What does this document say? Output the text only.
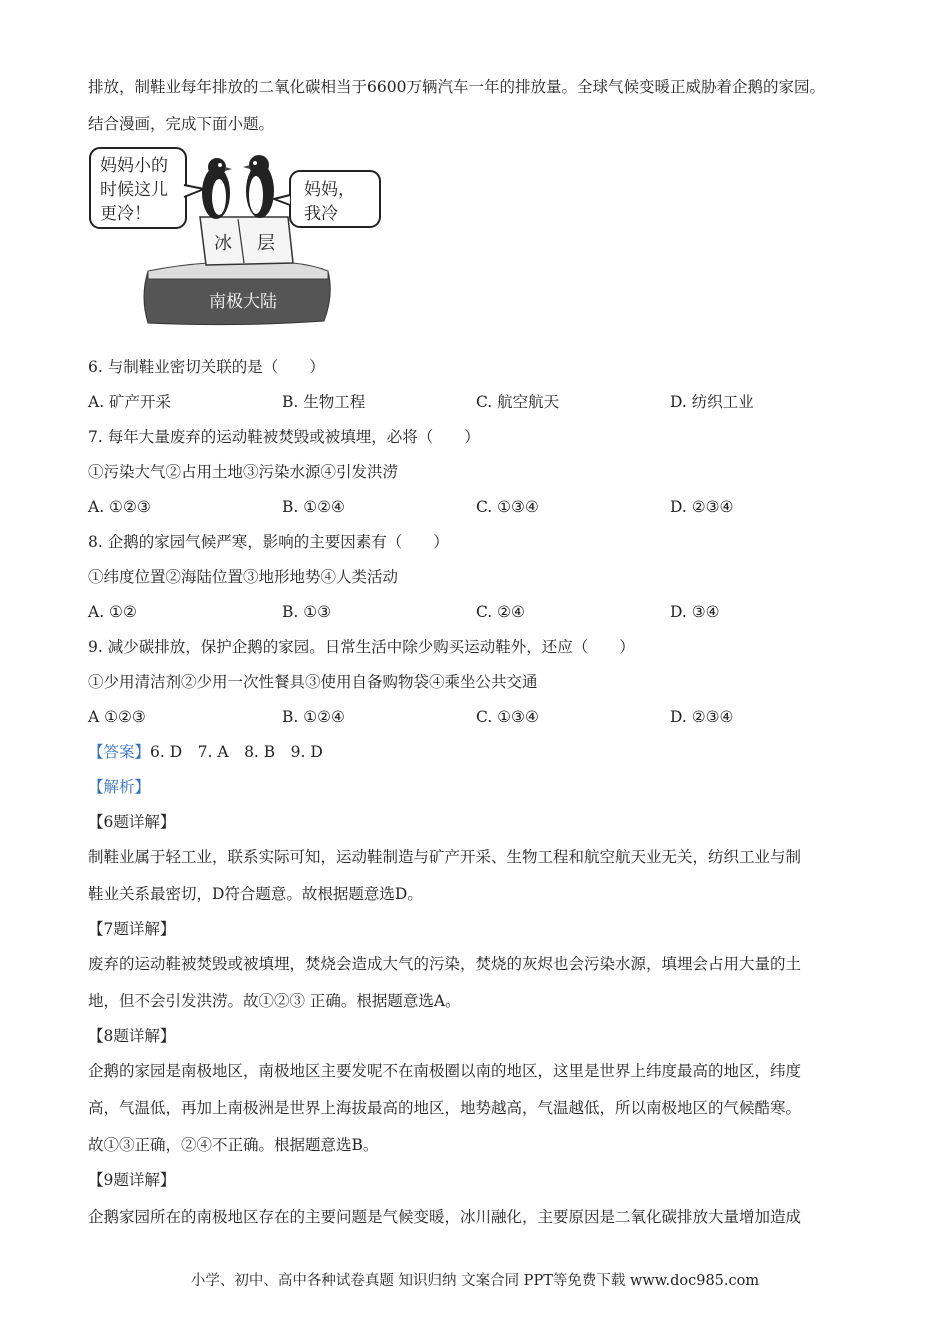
排放，制鞋业每年排放的二氧化碳相当于6600万辆汽车一年的排放量。全球气候变暖正威胁着企鹅的家园。
结合漫画，完成下面小题。
南极大陆
冰 层
妈妈小的
时候这儿
更冷！
妈妈，
我冷
6. 与制鞋业密切关联的是（　　）
A. 矿产开采	B. 生物工程	C. 航空航天	D. 纺织工业
7. 每年大量废弃的运动鞋被焚毁或被填埋，必将（　　）
①污染大气②占用土地③污染水源④引发洪涝
A. ①②③	B. ①②④	C. ①③④	D. ②③④
8. 企鹅的家园气候严寒，影响的主要因素有（　　）
①纬度位置②海陆位置③地形地势④人类活动
A. ①②	B. ①③	C. ②④	D. ③④
9. 减少碳排放，保护企鹅的家园。日常生活中除少购买运动鞋外，还应（　　）
①少用清洁剂②少用一次性餐具③使用自备购物袋④乘坐公共交通
A ①②③	B. ①②④	C. ①③④	D. ②③④
【答案】6. D　7. A　8. B　9. D
【解析】
【6题详解】
制鞋业属于轻工业，联系实际可知，运动鞋制造与矿产开采、生物工程和航空航天业无关，纺织工业与制
鞋业关系最密切，D符合题意。故根据题意选D。
【7题详解】
废弃的运动鞋被焚毁或被填埋，焚烧会造成大气的污染，焚烧的灰烬也会污染水源，填埋会占用大量的土
地，但不会引发洪涝。故①②③ 正确。根据题意选A。
【8题详解】
企鹅的家园是南极地区，南极地区主要发呢不在南极圈以南的地区，这里是世界上纬度最高的地区，纬度
高，气温低，再加上南极洲是世界上海拔最高的地区，地势越高，气温越低，所以南极地区的气候酷寒。
故①③正确，②④不正确。根据题意选B。
【9题详解】
企鹅家园所在的南极地区存在的主要问题是气候变暖，冰川融化，主要原因是二氧化碳排放大量增加造成
小学、初中、高中各种试卷真题 知识归纳 文案合同 PPT等免费下载 www.doc985.com
